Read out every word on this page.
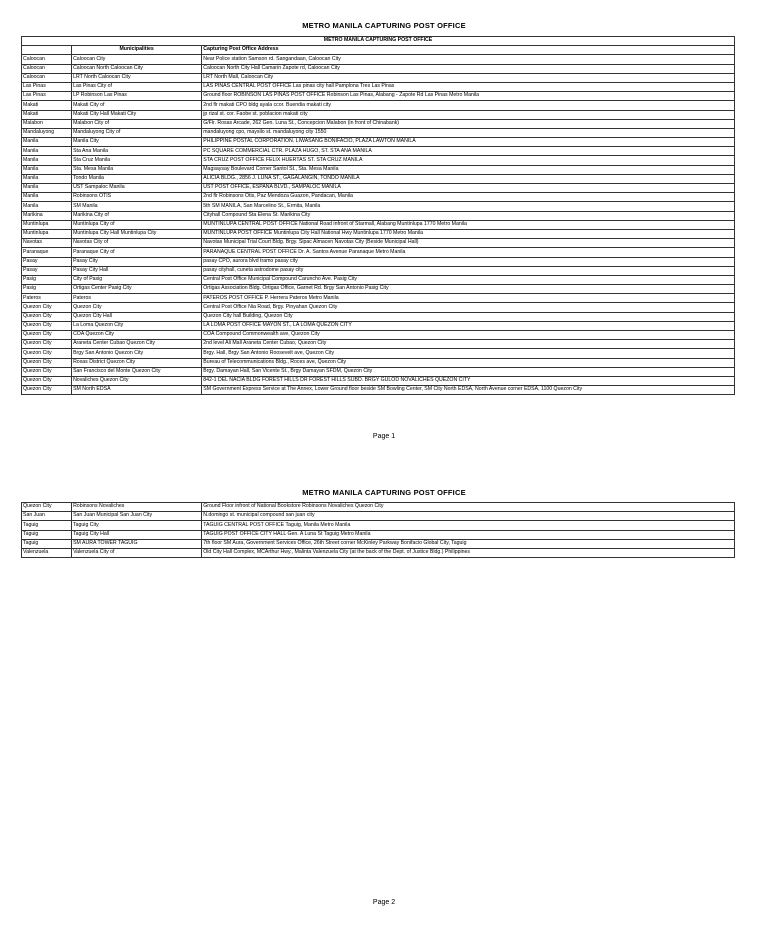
METRO MANILA CAPTURING POST OFFICE
METRO MANILA CAPTURING POST OFFICE		
	Municipalities	Capturing Post Office Address
Caloocan	Caloocan City	Near Police station Samson rd. Sangandaan, Caloocan City
Caloocan	Caloocan North Caloocan City	Caloocan North City Hall Camarin Zapote rd, Caloocan City
Caloocan	LRT North Caloocan City	LRT North Mall, Caloocan City
Las Pinas	Las Pinas City of	LAS PINAS CENTRAL POST OFFICE Las pinas city hall Pamplona Tres Las Pinas
Las Pinas	LP Robinson Las Pinas	Ground floor ROBINSON LAS PINAS POST OFFICE Robinson Las Pinas, Alabang - Zapote Rd Las Pinas Metro Manila
Makati	Makati City of	2nd flr makati CPO bldg ayala ccor. Buendia makati city
Makati	Makati City Hall Makati City	jp rizal st. cor. Faobe st. poblacion makati city
Malabon	Malabon City of	G/Flr. Rosas Arcade, 262 Gen. Luna St., Concepcion Malabon (in front of Chinabank)
Mandaluyong	Mandaluyong City of	mandaluyong cpo, maysilo st. mandaluyong city 1550
Manila	Manila City	PHILIPPINE POSTAL CORPORATION. LIWASANG BONIFACIO, PLAZA LAWTON MANILA
Manila	Sta Ana Manila	PC SQUARE COMMERCIAL CTR. PLAZA HUGO, ST. STA ANA MANILA
Manila	Sta Cruz Manila	STA CRUZ POST OFFICE FELIX HUERTAS ST. STA CRUZ MANILA
Manila	Sta. Mesa Manila	Magsaysay Boulevard Corner Santol St., Sta. Mesa Manila
Manila	Tondo Manila	ALICIA BLDG., 2856 J. LUNA ST., GAGALANGIN, TONDO MANILA
Manila	UST Sampaloc Manila	UST POST OFFICE, ESPANA BLVD., SAMPALOC MANILA
Manila	Robinsons OTIS	2nd flr Robinsons Otis, Paz Mendoza Guazon, Pandacan, Manila
Manila	SM Manila	5th SM MANILA, San Marcelino St., Ermita, Manila
Marikina	Marikina City of	Cityhall Compound Sta Elena St. Marikina City
Muntinlupa	Muntinlupa City of	MUNTINLUPA CENTRAL POST OFFICE National Road infront of Starmall, Alabang Muntinlupa 1770 Metro Manila
Muntinlupa	Muntinlupa City Hall Muntinlupa City	MUNTINLUPA POST OFFICE Muntinlupa City Hall National Hwy Muntinlupa 1770 Metro Manila
Navotas	Navotas City of	Navotas Municipal Trial Court Bldg. Brgy. Sipac Almacen Navotas City (Beside Municipal Hall)
Paranaque	Paranaque City of	PARANAQUE CENTRAL POST OFFICE Dr. A. Santos Avenue Paranaque Metro Manila
Pasay	Pasay City	pasay CPO, aurora blvd tramo pasay city
Pasay	Pasay City Hall	pasay cityhall, cuneta astrodome pasay city
Pasig	City of Pasig	Central Post Office Municipal Compound Caruncho Ave. Pasig City
Pasig	Ortigas Center Pasig City	Ortigas Association Bldg. Ortigas Office, Garnet Rd. Brgy San Antonio Pasig City
Pateros	Pateros	PATEROS POST OFFICE P. Herrera Pateros Metro Manila
Quezon City	Quezon City	Central Post Office Nia Road, Brgy. Pinyahan Quezon City
Quezon City	Quezon City Hall	Quezon City hall Building, Quezon City
Quezon City	La Loma Quezon City	LA LOMA POST OFFICE MAYON ST., LA LOMA QUEZON CITY
Quezon City	COA Quezon City	COA Compound Commonwealth ave, Quezon City
Quezon City	Araneta Center Cubao Quezon City	2nd level Ali Mall Araneta Center Cubao, Quezon City
Quezon City	Brgy San Antonio Quezon City	Brgy. Hall, Brgy San Antonio Roosevelt ave, Quezon City
Quezon City	Roxas District Quezon City	Bureau of Telecommunications Bldg., Roces ave, Quezon City
Quezon City	San Francisco del Monte Quezon City	Brgy. Damayan Hall, San Vicente St., Brgy Damayan SFDM, Quezon City
Quezon City	Novaliches Quezon City	842-1 DEL NACIA BLDG FOREST HILLS DR FOREST HILLS SUBD. BRGY GULOD NOVALICHES QUEZON CITY
Quezon City	SM North EDSA	SM Government Express Service at The Annex, Lower Ground floor beside SM Bowling Center, SM City North EDSA, North Avenue corner EDSA, 1100 Quezon City
Page 1
METRO MANILA CAPTURING POST OFFICE
Quezon City	Robinsons Novaliches	Ground Floor infront of National Bookstore Robinsons Novaliches Quezon City
San Juan	San Juan Municipal San Juan City	N.domingo st. municipal compound san juan city
Taguig	Taguig City	TAGUIG CENTRAL POST OFFICE Taguig, Manila Metro Manila
Taguig	Taguig City Hall	TAGUIG POST OFFICE CITY HALL Gen. A Luna St Taguig Metro Manila
Taguig	SM AURA TOWER TAGUIG	7th floor SM Aura, Government Services Office, 26th Street corner McKinley Parkway Bonifacio Global City, Taguig
Valenzuela	Valenzuela City of	Old City Hall Complex, MCArthur Hwy., Malinta Valenzuela City (at the back of the Dept. of Justice Bldg.) Philippines
Page 2
